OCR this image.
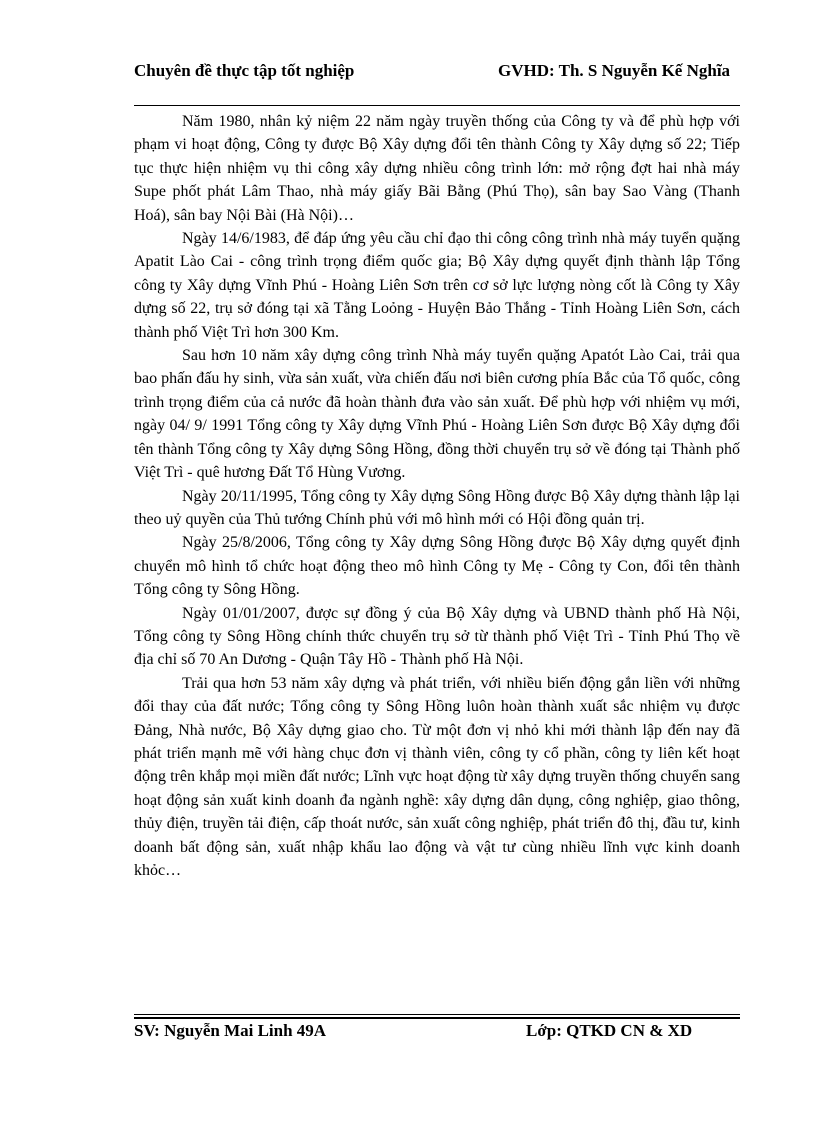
Chuyên đề thực tập tốt nghiệp	GVHD: Th. S Nguyễn Kế Nghĩa

Năm 1980, nhân kỷ niệm 22 năm ngày truyền thống của Công ty và để phù hợp với phạm vi hoạt động, Công ty được Bộ Xây dựng đổi tên thành Công ty Xây dựng số 22; Tiếp tục thực hiện nhiệm vụ thi công xây dựng nhiều công trình lớn: mở rộng đợt hai nhà máy Supe phốt phát Lâm Thao, nhà máy giấy Bãi Bằng (Phú Thọ), sân bay Sao Vàng (Thanh Hoá), sân bay Nội Bài (Hà Nội)…

Ngày 14/6/1983, để đáp ứng yêu cầu chỉ đạo thi công công trình nhà máy tuyển quặng Apatit Lào Cai - công trình trọng điểm quốc gia; Bộ Xây dựng quyết định thành lập Tổng công ty Xây dựng Vĩnh Phú - Hoàng Liên Sơn trên cơ sở lực lượng nòng cốt là Công ty Xây dựng số 22, trụ sở đóng tại xã Tằng Loỏng - Huyện Bảo Thắng - Tỉnh Hoàng Liên Sơn, cách thành phố Việt Trì hơn 300 Km.

Sau hơn 10 năm xây dựng công trình Nhà máy tuyển quặng Apatót Lào Cai, trải qua bao phấn đấu hy sinh, vừa sản xuất, vừa chiến đấu nơi biên cương phía Bắc của Tổ quốc, công trình trọng điểm của cả nước đã hoàn thành đưa vào sản xuất. Để phù hợp với nhiệm vụ mới, ngày 04/ 9/ 1991 Tổng công ty Xây dựng Vĩnh Phú - Hoàng Liên Sơn được Bộ Xây dựng đổi tên thành Tổng công ty Xây dựng Sông Hồng, đồng thời chuyển trụ sở về đóng tại Thành phố Việt Trì - quê hương Đất Tổ Hùng Vương.

Ngày 20/11/1995, Tổng công ty Xây dựng Sông Hồng được Bộ Xây dựng thành lập lại theo uỷ quyền của Thủ tướng Chính phủ với mô hình mới có Hội đồng quản trị.

Ngày 25/8/2006, Tổng công ty Xây dựng Sông Hồng được Bộ Xây dựng quyết định chuyển mô hình tổ chức hoạt động theo mô hình Công ty Mẹ - Công ty Con, đổi tên thành Tổng công ty Sông Hồng.

Ngày 01/01/2007, được sự đồng ý của Bộ Xây dựng và UBND thành phố Hà Nội, Tổng công ty Sông Hồng chính thức chuyển trụ sở từ thành phố Việt Trì - Tỉnh Phú Thọ về địa chỉ số 70 An Dương - Quận Tây Hồ - Thành phố Hà Nội.

Trải qua hơn 53 năm xây dựng và phát triển, với nhiều biến động gắn liền với những đổi thay của đất nước; Tổng công ty Sông Hồng luôn hoàn thành xuất sắc nhiệm vụ được Đảng, Nhà nước, Bộ Xây dựng giao cho. Từ một đơn vị nhỏ khi mới thành lập đến nay đã phát triển mạnh mẽ với hàng chục đơn vị thành viên, công ty cổ phần, công ty liên kết hoạt động trên khắp mọi miền đất nước; Lĩnh vực hoạt động từ xây dựng truyền thống chuyển sang hoạt động sản xuất kinh doanh đa ngành nghề: xây dựng dân dụng, công nghiệp, giao thông, thủy điện, truyền tải điện, cấp thoát nước, sản xuất công nghiệp, phát triển đô thị, đầu tư, kinh doanh bất động sản, xuất nhập khẩu lao động và vật tư cùng nhiều lĩnh vực kinh doanh khỏc…

SV: Nguyễn Mai Linh 49A	Lớp: QTKD CN & XD
